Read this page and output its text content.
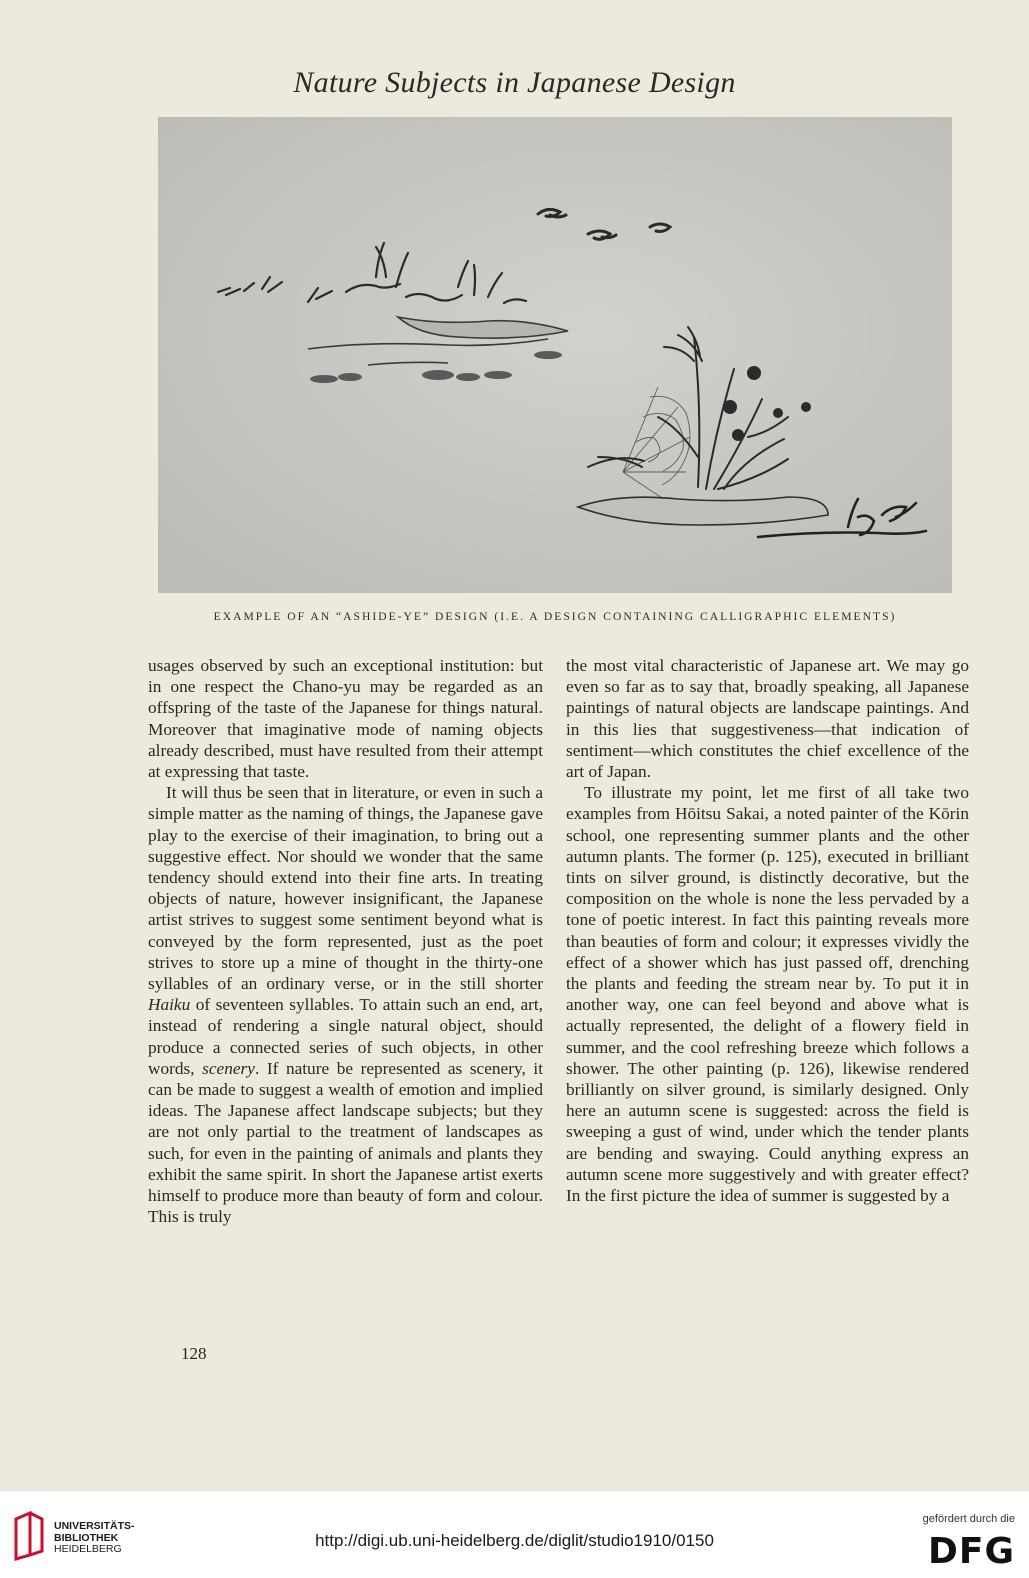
Nature Subjects in Japanese Design
EXAMPLE OF AN “ASHIDE-YE” DESIGN (I.E. A DESIGN CONTAINING CALLIGRAPHIC ELEMENTS)

usages observed by such an exceptional institution: but in one respect the Chano-yu may be regarded as an offspring of the taste of the Japanese for things natural. Moreover that imaginative mode of naming objects already described, must have resulted from their attempt at expressing that taste.

It will thus be seen that in literature, or even in such a simple matter as the naming of things, the Japanese gave play to the exercise of their imagination, to bring out a suggestive effect. Nor should we wonder that the same tendency should extend into their fine arts. In treating objects of nature, however insignificant, the Japanese artist strives to suggest some sentiment beyond what is conveyed by the form represented, just as the poet strives to store up a mine of thought in the thirty-one syllables of an ordinary verse, or in the still shorter Haiku of seventeen syllables. To attain such an end, art, instead of rendering a single natural object, should produce a connected series of such objects, in other words, scenery. If nature be represented as scenery, it can be made to suggest a wealth of emotion and implied ideas. The Japanese affect landscape subjects; but they are not only partial to the treatment of landscapes as such, for even in the painting of animals and plants they exhibit the same spirit. In short the Japanese artist exerts himself to produce more than beauty of form and colour. This is truly

the most vital characteristic of Japanese art. We may go even so far as to say that, broadly speaking, all Japanese paintings of natural objects are landscape paintings. And in this lies that suggestiveness—that indication of sentiment—which constitutes the chief excellence of the art of Japan.

To illustrate my point, let me first of all take two examples from Hōitsu Sakai, a noted painter of the Kōrin school, one representing summer plants and the other autumn plants. The former (p. 125), executed in brilliant tints on silver ground, is distinctly decorative, but the composition on the whole is none the less pervaded by a tone of poetic interest. In fact this painting reveals more than beauties of form and colour; it expresses vividly the effect of a shower which has just passed off, drenching the plants and feeding the stream near by. To put it in another way, one can feel beyond and above what is actually represented, the delight of a flowery field in summer, and the cool refreshing breeze which follows a shower. The other painting (p. 126), likewise rendered brilliantly on silver ground, is similarly designed. Only here an autumn scene is suggested: across the field is sweeping a gust of wind, under which the tender plants are bending and swaying. Could anything express an autumn scene more suggestively and with greater effect? In the first picture the idea of summer is suggested by a

128
UNIVERSITÄTS-
BIBLIOTHEK
HEIDELBERG	http://digi.ub.uni-heidelberg.de/diglit/studio1910/0150
gefördert durch die
DFG
